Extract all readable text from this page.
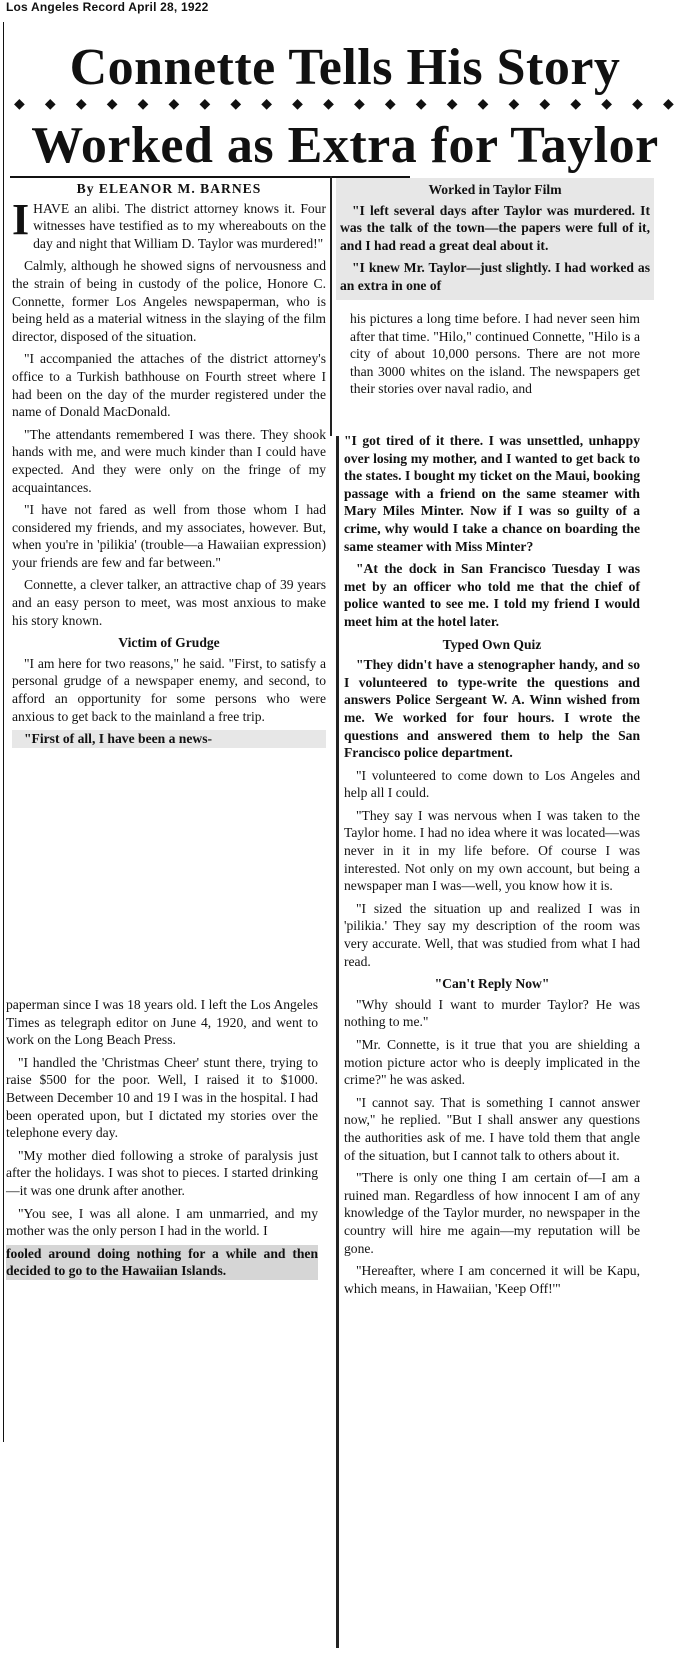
Los Angeles Record April 28, 1922
Connette Tells His Story
◆ ◆ ◆ ◆ ◆ ◆ ◆ ◆ ◆ ◆ ◆ ◆ ◆ ◆ ◆ ◆ ◆ ◆ ◆ ◆ ◆ ◆
Worked as Extra for Taylor
By ELEANOR M. BARNES

IHAVE an alibi. The district attorney knows it. Four witnesses have testified as to my whereabouts on the day and night that William D. Taylor was murdered!"

Calmly, although he showed signs of nervousness and the strain of being in custody of the police, Honore C. Connette, former Los Angeles newspaperman, who is being held as a material witness in the slaying of the film director, disposed of the situation.

"I accompanied the attaches of the district attorney's office to a Turkish bathhouse on Fourth street where I had been on the day of the murder registered under the name of Donald MacDonald.

"The attendants remembered I was there. They shook hands with me, and were much kinder than I could have expected. And they were only on the fringe of my acquaintances.

"I have not fared as well from those whom I had considered my friends, and my associates, however. But, when you're in 'pilikia' (trouble—a Hawaiian expression) your friends are few and far between."

Connette, a clever talker, an attractive chap of 39 years and an easy person to meet, was most anxious to make his story known.

Victim of Grudge

"I am here for two reasons," he said. "First, to satisfy a personal grudge of a newspaper enemy, and second, to afford an opportunity for some persons who were anxious to get back to the mainland a free trip.

"First of all, I have been a news-

paperman since I was 18 years old. I left the Los Angeles Times as telegraph editor on June 4, 1920, and went to work on the Long Beach Press.

"I handled the 'Christmas Cheer' stunt there, trying to raise $500 for the poor. Well, I raised it to $1000. Between December 10 and 19 I was in the hospital. I had been operated upon, but I dictated my stories over the telephone every day.

"My mother died following a stroke of paralysis just after the holidays. I was shot to pieces. I started drinking—it was one drunk after another.

"You see, I was all alone. I am unmarried, and my mother was the only person I had in the world. I

fooled around doing nothing for a while and then decided to go to the Hawaiian Islands.

Worked in Taylor Film

"I left several days after Taylor was murdered. It was the talk of the town—the papers were full of it, and I had read a great deal about it.

"I knew Mr. Taylor—just slightly. I had worked as an extra in one of

his pictures a long time before. I had never seen him after that time. "Hilo," continued Connette, "Hilo is a city of about 10,000 persons. There are not more than 3000 whites on the island. The newspapers get their stories over naval radio, and

"I got tired of it there. I was unsettled, unhappy over losing my mother, and I wanted to get back to the states. I bought my ticket on the Maui, booking passage with a friend on the same steamer with Mary Miles Minter. Now if I was so guilty of a crime, why would I take a chance on boarding the same steamer with Miss Minter?

"At the dock in San Francisco Tuesday I was met by an officer who told me that the chief of police wanted to see me. I told my friend I would meet him at the hotel later.

Typed Own Quiz

"They didn't have a stenographer handy, and so I volunteered to type-write the questions and answers Police Sergeant W. A. Winn wished from me. We worked for four hours. I wrote the questions and answered them to help the San Francisco police department.

"I volunteered to come down to Los Angeles and help all I could.

"They say I was nervous when I was taken to the Taylor home. I had no idea where it was located—was never in it in my life before. Of course I was interested. Not only on my own account, but being a newspaper man I was—well, you know how it is.

"I sized the situation up and realized I was in 'pilikia.' They say my description of the room was very accurate. Well, that was studied from what I had read.

"Can't Reply Now"

"Why should I want to murder Taylor? He was nothing to me."

"Mr. Connette, is it true that you are shielding a motion picture actor who is deeply implicated in the crime?" he was asked.

"I cannot say. That is something I cannot answer now," he replied. "But I shall answer any questions the authorities ask of me. I have told them that angle of the situation, but I cannot talk to others about it.

"There is only one thing I am certain of—I am a ruined man. Regardless of how innocent I am of any knowledge of the Taylor murder, no newspaper in the country will hire me again—my reputation will be gone.

"Hereafter, where I am concerned it will be Kapu, which means, in Hawaiian, 'Keep Off!'"
